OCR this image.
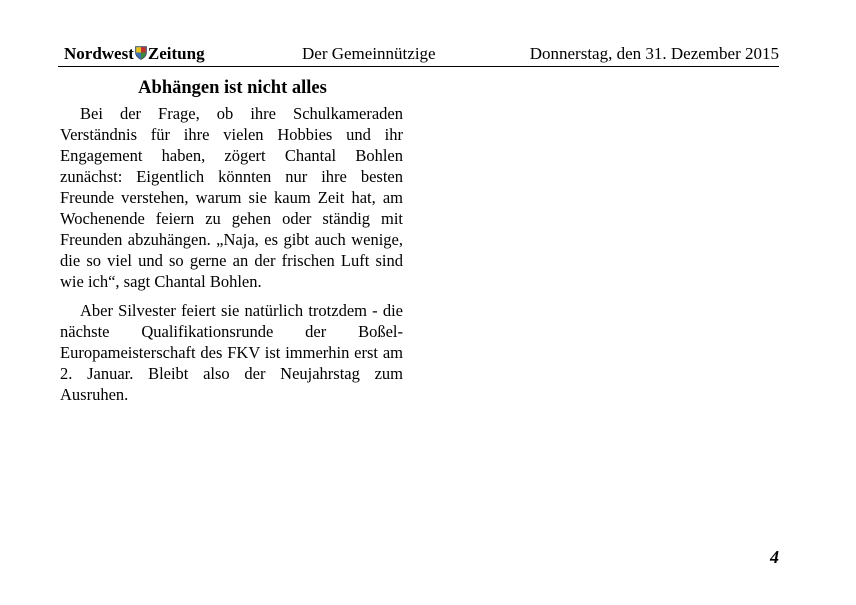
Nordwest Zeitung	Der Gemeinnützige	Donnerstag, den 31. Dezember 2015
Abhängen ist nicht alles

Bei der Frage, ob ihre Schulkameraden Verständnis für ihre vielen Hobbies und ihr Engagement haben, zögert Chantal Bohlen zunächst: Eigentlich könnten nur ihre besten Freunde verstehen, warum sie kaum Zeit hat, am Wochenende feiern zu gehen oder ständig mit Freunden abzuhängen. „Naja, es gibt auch wenige, die so viel und so gerne an der frischen Luft sind wie ich“, sagt Chantal Bohlen.

Aber Silvester feiert sie natürlich trotzdem - die nächste Qualifikationsrunde der Boßel-Europameisterschaft des FKV ist immerhin erst am 2. Januar. Bleibt also der Neujahrstag zum Ausruhen.

4
